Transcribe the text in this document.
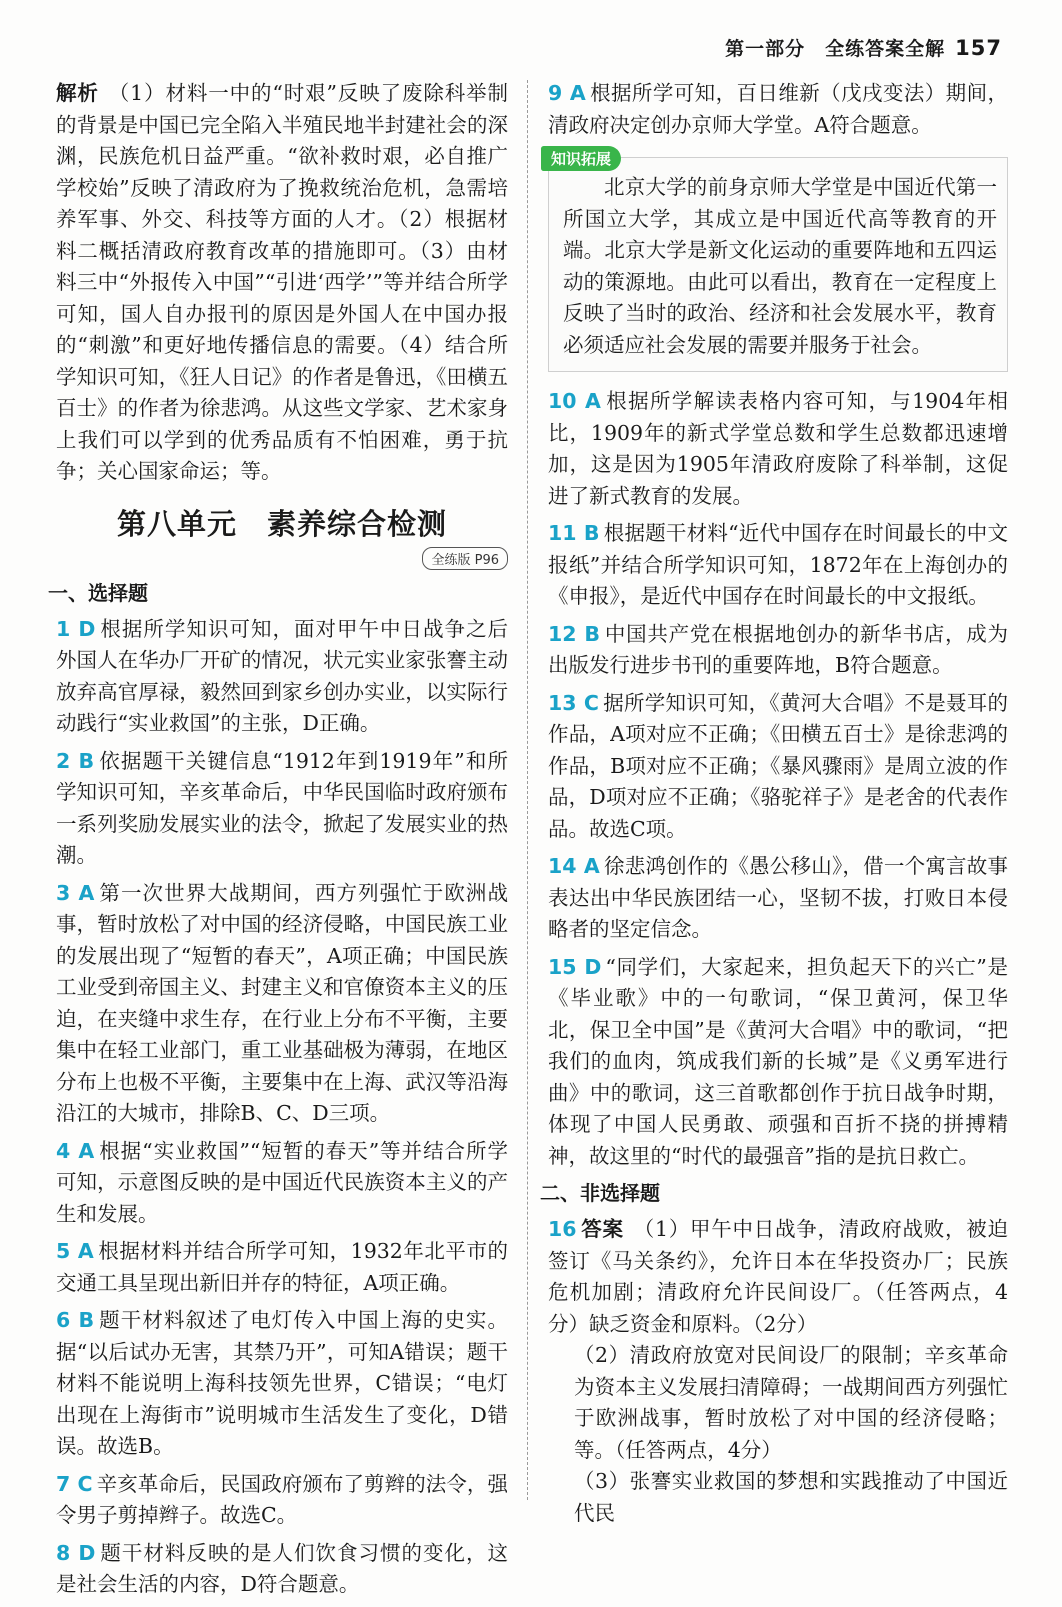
第一部分　全练答案全解 157

解析 （1）材料一中的“时艰”反映了废除科举制的背景是中国已完全陷入半殖民地半封建社会的深渊，民族危机日益严重。“欲补救时艰，必自推广学校始”反映了清政府为了挽救统治危机，急需培养军事、外交、科技等方面的人才。（2）根据材料二概括清政府教育改革的措施即可。（3）由材料三中“外报传入中国”“引进‘西学’”等并结合所学可知，国人自办报刊的原因是外国人在中国办报的“刺激”和更好地传播信息的需要。（4）结合所学知识可知，《狂人日记》的作者是鲁迅，《田横五百士》的作者为徐悲鸿。从这些文学家、艺术家身上我们可以学到的优秀品质有不怕困难，勇于抗争；关心国家命运；等。

第八单元　素养综合检测
全练版 P96
一、选择题

1 D 根据所学知识可知，面对甲午中日战争之后外国人在华办厂开矿的情况，状元实业家张謇主动放弃高官厚禄，毅然回到家乡创办实业，以实际行动践行“实业救国”的主张，D正确。

2 B 依据题干关键信息“1912年到1919年”和所学知识可知，辛亥革命后，中华民国临时政府颁布一系列奖励发展实业的法令，掀起了发展实业的热潮。

3 A 第一次世界大战期间，西方列强忙于欧洲战事，暂时放松了对中国的经济侵略，中国民族工业的发展出现了“短暂的春天”，A项正确；中国民族工业受到帝国主义、封建主义和官僚资本主义的压迫，在夹缝中求生存，在行业上分布不平衡，主要集中在轻工业部门，重工业基础极为薄弱，在地区分布上也极不平衡，主要集中在上海、武汉等沿海沿江的大城市，排除B、C、D三项。

4 A 根据“实业救国”“短暂的春天”等并结合所学可知，示意图反映的是中国近代民族资本主义的产生和发展。

5 A 根据材料并结合所学可知，1932年北平市的交通工具呈现出新旧并存的特征，A项正确。

6 B 题干材料叙述了电灯传入中国上海的史实。据“以后试办无害，其禁乃开”，可知A错误；题干材料不能说明上海科技领先世界，C错误；“电灯出现在上海街市”说明城市生活发生了变化，D错误。故选B。

7 C 辛亥革命后，民国政府颁布了剪辫的法令，强令男子剪掉辫子。故选C。

8 D 题干材料反映的是人们饮食习惯的变化，这是社会生活的内容，D符合题意。

9 A 根据所学可知，百日维新（戊戌变法）期间，清政府决定创办京师大学堂。A符合题意。

知识拓展

北京大学的前身京师大学堂是中国近代第一所国立大学，其成立是中国近代高等教育的开端。北京大学是新文化运动的重要阵地和五四运动的策源地。由此可以看出，教育在一定程度上反映了当时的政治、经济和社会发展水平，教育必须适应社会发展的需要并服务于社会。

10 A 根据所学解读表格内容可知，与1904年相比，1909年的新式学堂总数和学生总数都迅速增加，这是因为1905年清政府废除了科举制，这促进了新式教育的发展。

11 B 根据题干材料“近代中国存在时间最长的中文报纸”并结合所学知识可知，1872年在上海创办的《申报》，是近代中国存在时间最长的中文报纸。

12 B 中国共产党在根据地创办的新华书店，成为出版发行进步书刊的重要阵地，B符合题意。

13 C 据所学知识可知，《黄河大合唱》不是聂耳的作品，A项对应不正确；《田横五百士》是徐悲鸿的作品，B项对应不正确；《暴风骤雨》是周立波的作品，D项对应不正确；《骆驼祥子》是老舍的代表作品。故选C项。

14 A 徐悲鸿创作的《愚公移山》，借一个寓言故事表达出中华民族团结一心，坚韧不拔，打败日本侵略者的坚定信念。

15 D “同学们，大家起来，担负起天下的兴亡”是《毕业歌》中的一句歌词，“保卫黄河，保卫华北，保卫全中国”是《黄河大合唱》中的歌词，“把我们的血肉，筑成我们新的长城”是《义勇军进行曲》中的歌词，这三首歌都创作于抗日战争时期，体现了中国人民勇敢、顽强和百折不挠的拼搏精神，故这里的“时代的最强音”指的是抗日救亡。

二、非选择题

16 答案 （1）甲午中日战争，清政府战败，被迫签订《马关条约》，允许日本在华投资办厂；民族危机加剧；清政府允许民间设厂。（任答两点，4分）缺乏资金和原料。（2分）

（2）清政府放宽对民间设厂的限制；辛亥革命为资本主义发展扫清障碍；一战期间西方列强忙于欧洲战事，暂时放松了对中国的经济侵略；等。（任答两点，4分）

（3）张謇实业救国的梦想和实践推动了中国近代民
